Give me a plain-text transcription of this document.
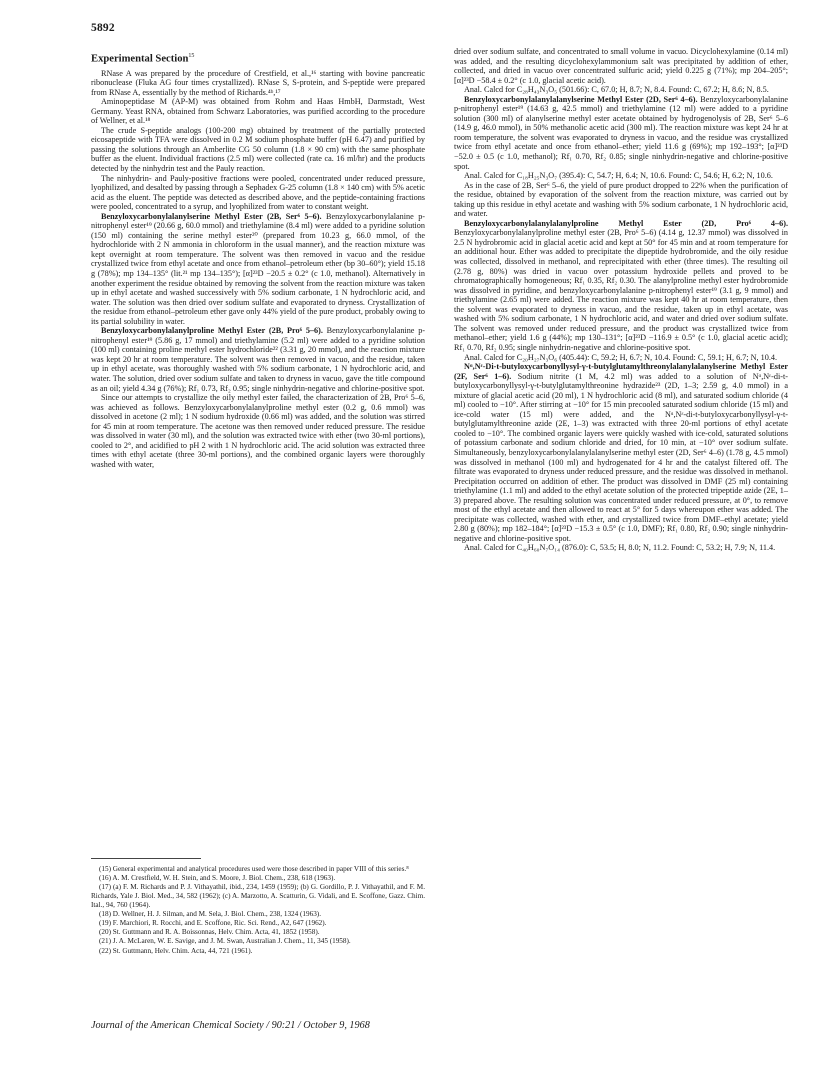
5892
Experimental Section$^{15}$

RNase A was prepared by the procedure of Crestfield, et al.,¹⁶ starting with bovine pancreatic ribonuclease (Fluka AG four times crystallized). RNase S, S-protein, and S-peptide were prepared from RNase A, essentially by the method of Richards.⁴ᵇ,¹⁷

Aminopeptidase M (AP-M) was obtained from Rohm and Haas HmbH, Darmstadt, West Germany. Yeast RNA, obtained from Schwarz Laboratories, was purified according to the procedure of Wellner, et al.¹⁸

The crude S-peptide analogs (100-200 mg) obtained by treatment of the partially protected eicosapeptide with TFA were dissolved in 0.2 M sodium phosphate buffer (pH 6.47) and purified by passing the solutions through an Amberlite CG 50 column (1.8 × 90 cm) with the same phosphate buffer as the eluent. Individual fractions (2.5 ml) were collected (rate ca. 16 ml/hr) and the products detected by the ninhydrin test and the Pauly reaction.

The ninhydrin- and Pauly-positive fractions were pooled, concentrated under reduced pressure, lyophilized, and desalted by passing through a Sephadex G-25 column (1.8 × 140 cm) with 5% acetic acid as the eluent. The peptide was detected as described above, and the peptide-containing fractions were pooled, concentrated to a syrup, and lyophilized from water to constant weight.

Benzyloxycarbonylalanylserine Methyl Ester (2B, Ser⁶ 5–6). Benzyloxycarbonylalanine p-nitrophenyl ester¹⁹ (20.66 g, 60.0 mmol) and triethylamine (8.4 ml) were added to a pyridine solution (150 ml) containing the serine methyl ester²⁰ (prepared from 10.23 g, 66.0 mmol, of the hydrochloride with 2 N ammonia in chloroform in the usual manner), and the reaction mixture was kept overnight at room temperature. The solvent was then removed in vacuo and the residue crystallized twice from ethyl acetate and once from ethanol–petroleum ether (bp 30–60°); yield 15.18 g (78%); mp 134–135° (lit.²¹ mp 134–135°); [α]²³D −20.5 ± 0.2° (c 1.0, methanol). Alternatively in another experiment the residue obtained by removing the solvent from the reaction mixture was taken up in ethyl acetate and washed successively with 5% sodium carbonate, 1 N hydrochloric acid, and water. The solution was then dried over sodium sulfate and evaporated to dryness. Crystallization of the residue from ethanol–petroleum ether gave only 44% yield of the pure product, probably owing to its partial solubility in water.

Benzyloxycarbonylalanylproline Methyl Ester (2B, Pro⁶ 5–6). Benzyloxycarbonylalanine p-nitrophenyl ester¹⁹ (5.86 g, 17 mmol) and triethylamine (5.2 ml) were added to a pyridine solution (100 ml) containing proline methyl ester hydrochloride²² (3.31 g, 20 mmol), and the reaction mixture was kept 20 hr at room temperature. The solvent was then removed in vacuo, and the residue, taken up in ethyl acetate, was thoroughly washed with 5% sodium carbonate, 1 N hydrochloric acid, and water. The solution, dried over sodium sulfate and taken to dryness in vacuo, gave the title compound as an oil; yield 4.34 g (76%); Rf₁ 0.73, Rf₂ 0.95; single ninhydrin-negative and chlorine-positive spot.

Since our attempts to crystallize the oily methyl ester failed, the characterization of 2B, Pro⁶ 5–6, was achieved as follows. Benzyloxycarbonylalanylproline methyl ester (0.2 g, 0.6 mmol) was dissolved in acetone (2 ml); 1 N sodium hydroxide (0.66 ml) was added, and the solution was stirred for 45 min at room temperature. The acetone was then removed under reduced pressure. The residue was dissolved in water (30 ml), and the solution was extracted twice with ether (two 30-ml portions), cooled to 2°, and acidified to pH 2 with 1 N hydrochloric acid. The acid solution was extracted three times with ethyl acetate (three 30-ml portions), and the combined organic layers were thoroughly washed with water,

(15) General experimental and analytical procedures used were those described in paper VIII of this series.⁸
(16) A. M. Crestfield, W. H. Stein, and S. Moore, J. Biol. Chem., 238, 618 (1963).
(17) (a) F. M. Richards and P. J. Vithayathil, ibid., 234, 1459 (1959); (b) G. Gordillo, P. J. Vithayathil, and F. M. Richards, Yale J. Biol. Med., 34, 582 (1962); (c) A. Marzotto, A. Scatturin, G. Vidali, and E. Scoffone, Gazz. Chim. Ital., 94, 760 (1964).
(18) D. Wellner, H. J. Silman, and M. Sela, J. Biol. Chem., 238, 1324 (1963).
(19) F. Marchiori, R. Rocchi, and E. Scoffone, Ric. Sci. Rend., A2, 647 (1962).
(20) St. Guttmann and R. A. Boissonnas, Helv. Chim. Acta, 41, 1852 (1958).
(21) J. A. McLaren, W. E. Savige, and J. M. Swan, Australian J. Chem., 11, 345 (1958).
(22) St. Guttmann, Helv. Chim. Acta, 44, 721 (1961).

dried over sodium sulfate, and concentrated to small volume in vacuo. Dicyclohexylamine (0.14 ml) was added, and the resulting dicyclohexylammonium salt was precipitated by addition of ether, collected, and dried in vacuo over concentrated sulfuric acid; yield 0.225 g (71%); mp 204–205°; [α]²³D −58.4 ± 0.2° (c 1.0, glacial acetic acid).

Anal. Calcd for C₂₈H₄₃N₃O₅ (501.66): C, 67.0; H, 8.7; N, 8.4. Found: C, 67.2; H, 8.6; N, 8.5.

Benzyloxycarbonylalanylalanylserine Methyl Ester (2D, Ser⁶ 4–6). Benzyloxycarbonylalanine p-nitrophenyl ester¹⁹ (14.63 g, 42.5 mmol) and triethylamine (12 ml) were added to a pyridine solution (300 ml) of alanylserine methyl ester acetate obtained by hydrogenolysis of 2B, Ser⁶ 5–6 (14.9 g, 46.0 mmol), in 50% methanolic acetic acid (300 ml). The reaction mixture was kept 24 hr at room temperature, the solvent was evaporated to dryness in vacuo, and the residue was crystallized twice from ethyl acetate and once from ethanol–ether; yield 11.6 g (69%); mp 192–193°; [α]²³D −52.0 ± 0.5 (c 1.0, methanol); Rf₁ 0.70, Rf₂ 0.85; single ninhydrin-negative and chlorine-positive spot.

Anal. Calcd for C₁₈H₂₅N₃O₇ (395.4): C, 54.7; H, 6.4; N, 10.6. Found: C, 54.6; H, 6.2; N, 10.6.

As in the case of 2B, Ser⁶ 5–6, the yield of pure product dropped to 22% when the purification of the residue, obtained by evaporation of the solvent from the reaction mixture, was carried out by taking up this residue in ethyl acetate and washing with 5% sodium carbonate, 1 N hydrochloric acid, and water.

Benzyloxycarbonylalanylalanylproline Methyl Ester (2D, Pro⁶ 4–6). Benzyloxycarbonylalanylproline methyl ester (2B, Pro⁶ 5–6) (4.14 g, 12.37 mmol) was dissolved in 2.5 N hydrobromic acid in glacial acetic acid and kept at 50° for 45 min and at room temperature for an additional hour. Ether was added to precipitate the dipeptide hydrobromide, and the oily residue was collected, dissolved in methanol, and reprecipitated with ether (three times). The resulting oil (2.78 g, 80%) was dried in vacuo over potassium hydroxide pellets and proved to be chromatographically homogeneous; Rf₁ 0.35, Rf₂ 0.30. The alanylproline methyl ester hydrobromide was dissolved in pyridine, and benzyloxycarbonylalanine p-nitrophenyl ester¹⁹ (3.1 g, 9 mmol) and triethylamine (2.65 ml) were added. The reaction mixture was kept 40 hr at room temperature, then the solvent was evaporated to dryness in vacuo, and the residue, taken up in ethyl acetate, was washed with 5% sodium carbonate, 1 N hydrochloric acid, and water and dried over sodium sulfate. The solvent was removed under reduced pressure, and the product was crystallized twice from methanol–ether; yield 1.6 g (44%); mp 130–131°; [α]²³D −116.9 ± 0.5° (c 1.0, glacial acetic acid); Rf₁ 0.70, Rf₂ 0.95; single ninhydrin-negative and chlorine-positive spot.

Anal. Calcd for C₂₀H₂₇N₃O₆ (405.44): C, 59.2; H, 6.7; N, 10.4. Found: C, 59.1; H, 6.7; N, 10.4.

Nᵅ,Nᵋ-Di-t-butyloxycarbonyllysyl-γ-t-butylglutamylthreonylalanylalanylserine Methyl Ester (2F, Ser⁶ 1–6). Sodium nitrite (1 M, 4.2 ml) was added to a solution of Nᵅ,Nᵋ-di-t-butyloxycarbonyllysyl-γ-t-butylglutamylthreonine hydrazide²³ (2D, 1–3; 2.59 g, 4.0 mmol) in a mixture of glacial acetic acid (20 ml), 1 N hydrochloric acid (8 ml), and saturated sodium chloride (4 ml) cooled to −10°. After stirring at −10° for 15 min precooled saturated sodium chloride (15 ml) and ice-cold water (15 ml) were added, and the Nᵅ,Nᵋ-di-t-butyloxycarbonyllysyl-γ-t-butylglutamylthreonine azide (2E, 1–3) was extracted with three 20-ml portions of ethyl acetate cooled to −10°. The combined organic layers were quickly washed with ice-cold, saturated solutions of potassium carbonate and sodium chloride and dried, for 10 min, at −10° over sodium sulfate. Simultaneously, benzyloxycarbonylalanylalanylserine methyl ester (2D, Ser⁶ 4–6) (1.78 g, 4.5 mmol) was dissolved in methanol (100 ml) and hydrogenated for 4 hr and the catalyst filtered off. The filtrate was evaporated to dryness under reduced pressure, and the residue was dissolved in methanol. Precipitation occurred on addition of ether. The product was dissolved in DMF (25 ml) containing triethylamine (1.1 ml) and added to the ethyl acetate solution of the protected tripeptide azide (2E, 1–3) prepared above. The resulting solution was concentrated under reduced pressure, at 0°, to remove most of the ethyl acetate and then allowed to react at 5° for 5 days whereupon ether was added. The precipitate was collected, washed with ether, and crystallized twice from DMF–ethyl acetate; yield 2.80 g (80%); mp 182–184°; [α]²³D −15.3 ± 0.5° (c 1.0, DMF); Rf₁ 0.80, Rf₂ 0.90; single ninhydrin-negative and chlorine-positive spot.

Anal. Calcd for C₄₀H₆₀N₇O₁₄ (876.0): C, 53.5; H, 8.0; N, 11.2. Found: C, 53.2; H, 7.9; N, 11.4.

Journal of the American Chemical Society / 90:21 / October 9, 1968
